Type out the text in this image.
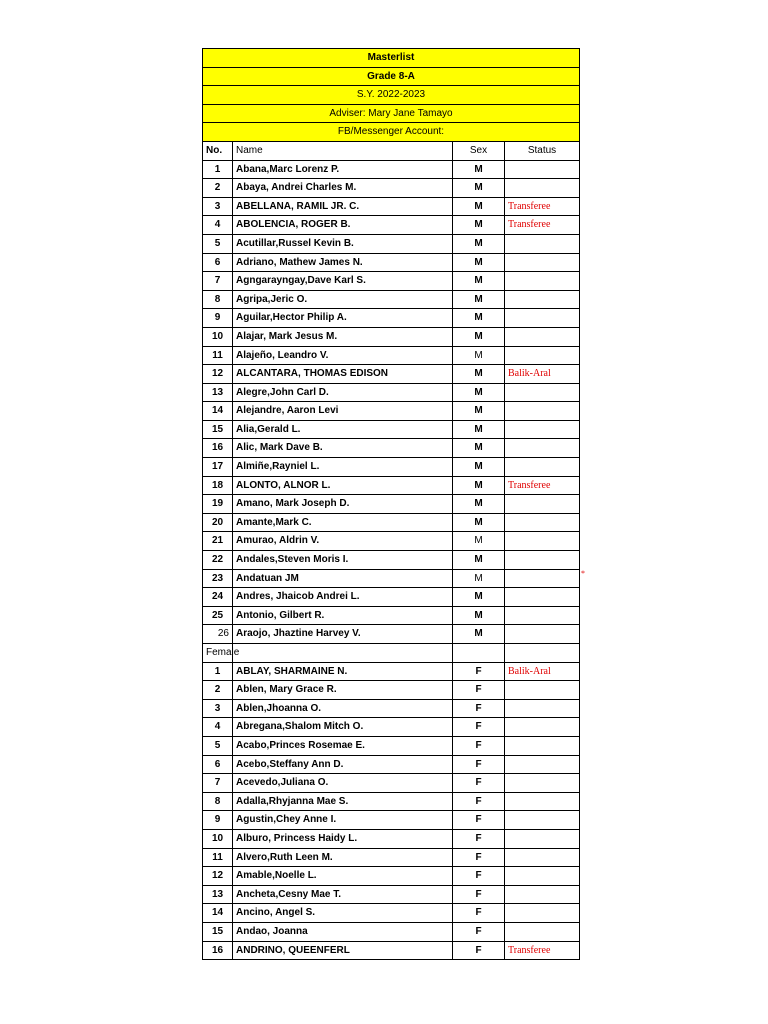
Masterlist			
Grade 8-A			
S.Y. 2022-2023			
Adviser: Mary Jane Tamayo			
FB/Messenger Account:			
No.	Name	Sex	Status
1	Abana,Marc Lorenz P.	M	
2	Abaya, Andrei Charles M.	M	
3	ABELLANA, RAMIL JR. C.	M	Transferee
4	ABOLENCIA, ROGER B.	M	Transferee
5	Acutillar,Russel Kevin B.	M	
6	Adriano, Mathew James N.	M	
7	Agngarayngay,Dave Karl S.	M	
8	Agripa,Jeric O.	M	
9	Aguilar,Hector Philip A.	M	
10	Alajar, Mark Jesus M.	M	
11	Alajeño, Leandro V.	M	
12	ALCANTARA, THOMAS EDISON	M	Balik-Aral
13	Alegre,John Carl D.	M	
14	Alejandre, Aaron Levi	M	
15	Alia,Gerald L.	M	
16	Alic, Mark Dave B.	M	
17	Almiñe,Rayniel L.	M	
18	ALONTO, ALNOR L.	M	Transferee
19	Amano, Mark Joseph D.	M	
20	Amante,Mark C.	M	
21	Amurao, Aldrin V.	M	
22	Andales,Steven Moris I.	M	
23	Andatuan JM	M	
24	Andres, Jhaicob Andrei L.	M	
25	Antonio, Gilbert R.	M	
26	Araojo, Jhaztine Harvey V.	M	
Female			
1	ABLAY, SHARMAINE N.	F	Balik-Aral
2	Ablen, Mary Grace R.	F	
3	Ablen,Jhoanna O.	F	
4	Abregana,Shalom Mitch O.	F	
5	Acabo,Princes Rosemae E.	F	
6	Acebo,Steffany Ann D.	F	
7	Acevedo,Juliana O.	F	
8	Adalla,Rhyjanna Mae S.	F	
9	Agustin,Chey Anne I.	F	
10	Alburo, Princess Haidy L.	F	
11	Alvero,Ruth Leen M.	F	
12	Amable,Noelle L.	F	
13	Ancheta,Cesny Mae T.	F	
14	Ancino, Angel S.	F	
15	Andao, Joanna	F	
16	ANDRINO, QUEENFERL	F	Transferee
*
